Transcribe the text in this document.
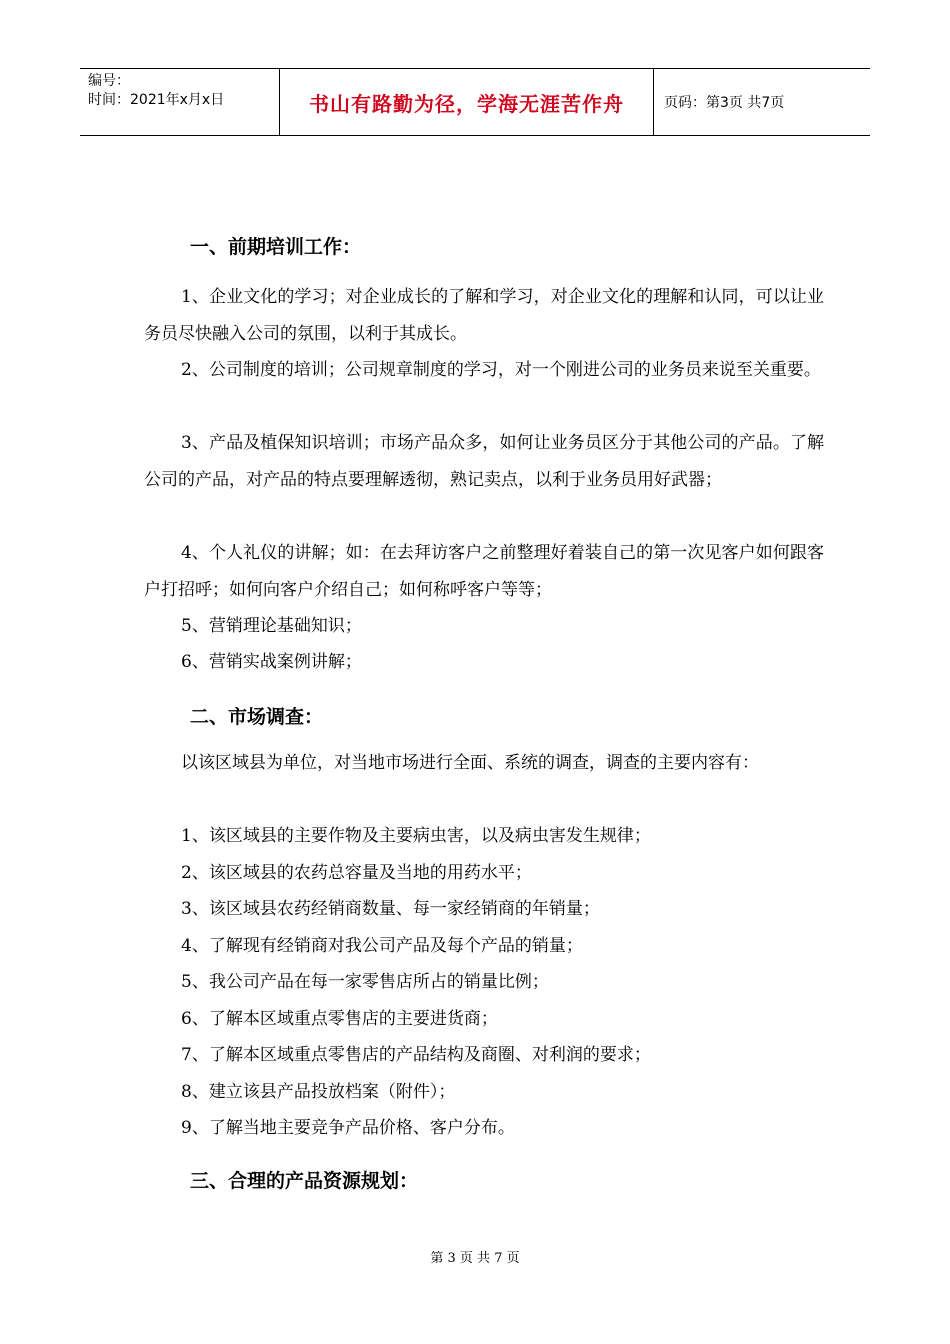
编号：
时间：2021年x月x日	书山有路勤为径，学海无涯苦作舟	页码：第3页 共7页
一、前期培训工作：
1、企业文化的学习；对企业成长的了解和学习，对企业文化的理解和认同，可以让业务员尽快融入公司的氛围，以利于其成长。
2、公司制度的培训；公司规章制度的学习，对一个刚进公司的业务员来说至关重要。
3、产品及植保知识培训；市场产品众多，如何让业务员区分于其他公司的产品。了解公司的产品，对产品的特点要理解透彻，熟记卖点，以利于业务员用好武器；
4、个人礼仪的讲解；如：在去拜访客户之前整理好着装自己的第一次见客户如何跟客户打招呼；如何向客户介绍自己；如何称呼客户等等；
5、营销理论基础知识；
6、营销实战案例讲解；
二、市场调查：
以该区域县为单位，对当地市场进行全面、系统的调查，调查的主要内容有：
1、该区域县的主要作物及主要病虫害，以及病虫害发生规律；
2、该区域县的农药总容量及当地的用药水平；
3、该区域县农药经销商数量、每一家经销商的年销量；
4、了解现有经销商对我公司产品及每个产品的销量；
5、我公司产品在每一家零售店所占的销量比例；
6、了解本区域重点零售店的主要进货商；
7、了解本区域重点零售店的产品结构及商圈、对利润的要求；
8、建立该县产品投放档案（附件）；
9、了解当地主要竞争产品价格、客户分布。
三、合理的产品资源规划：
第 3 页 共 7 页
